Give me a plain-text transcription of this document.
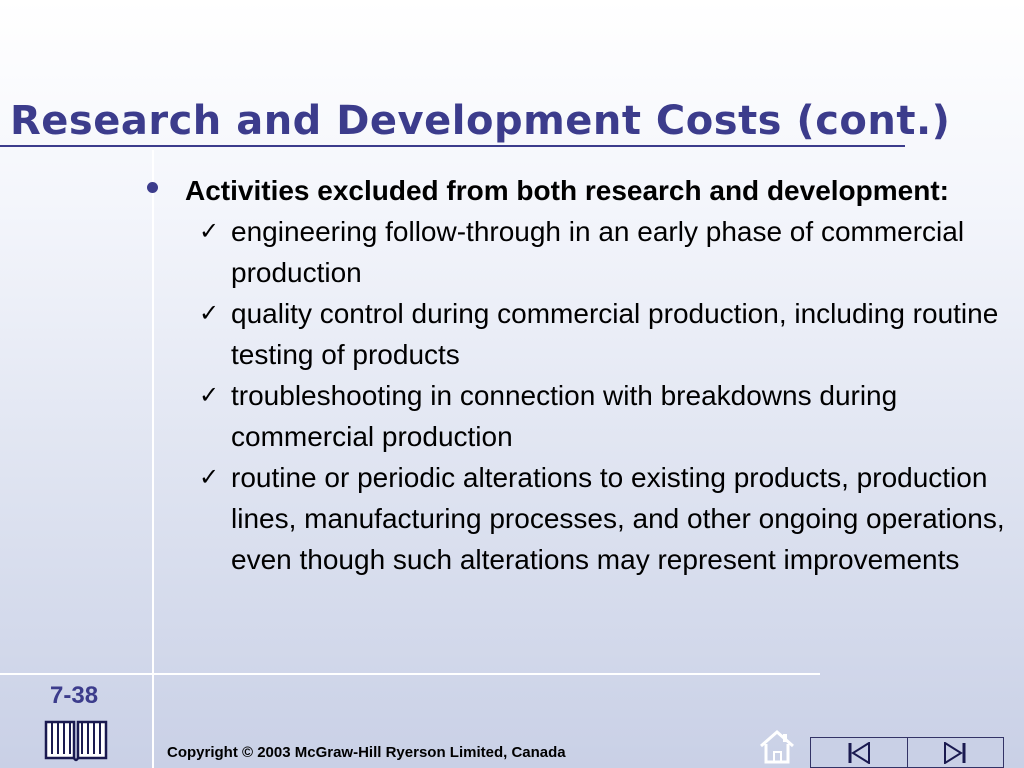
Research and Development Costs (cont.)
Activities excluded from both research and development:
✓ engineering follow-through in an early phase of commercial production
✓ quality control during commercial production, including routine testing of products
✓ troubleshooting in connection with breakdowns during commercial production
✓ routine or periodic alterations to existing products, production lines, manufacturing processes, and other ongoing operations, even though such alterations may represent improvements
7-38
Copyright © 2003 McGraw-Hill Ryerson Limited, Canada
